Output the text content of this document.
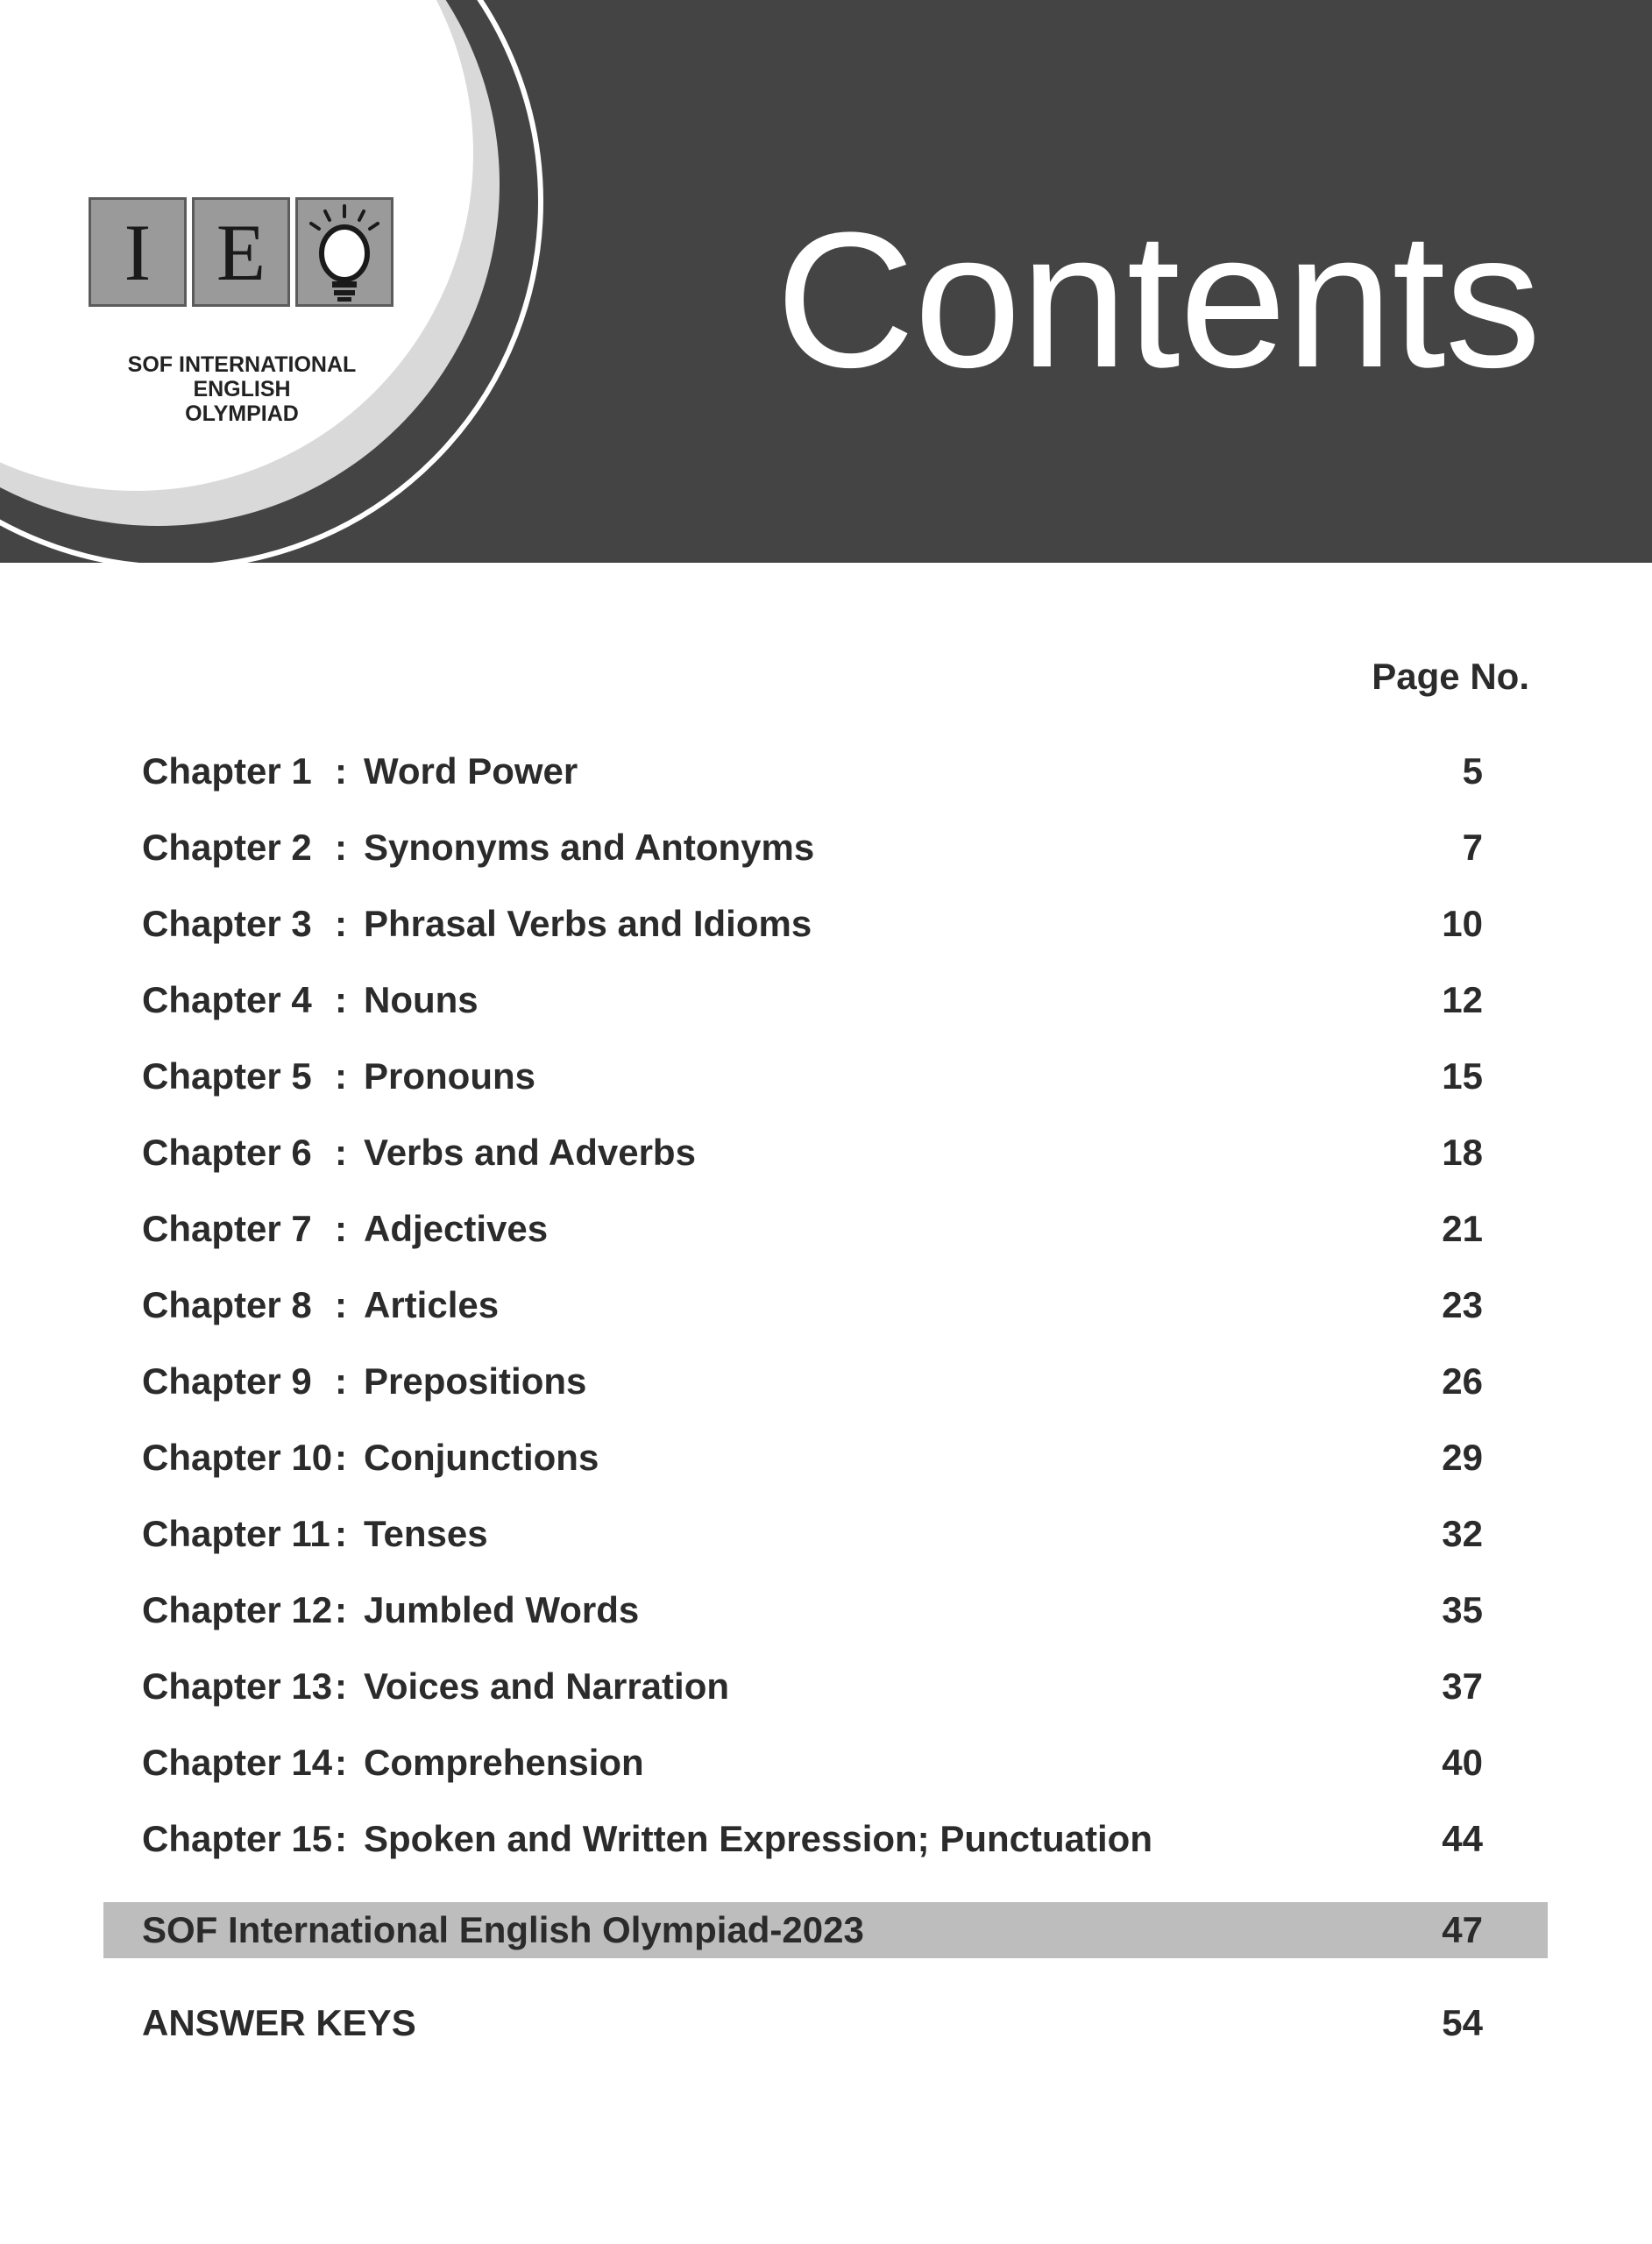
I E
SOF INTERNATIONAL ENGLISH
OLYMPIAD
Contents
Page No.
Chapter 1 : Word Power	5
Chapter 2 : Synonyms and Antonyms	7
Chapter 3 : Phrasal Verbs and Idioms	10
Chapter 4 : Nouns	12
Chapter 5 : Pronouns	15
Chapter 6 : Verbs and Adverbs	18
Chapter 7 : Adjectives	21
Chapter 8 : Articles	23
Chapter 9 : Prepositions	26
Chapter 10 : Conjunctions	29
Chapter 11 : Tenses	32
Chapter 12 : Jumbled Words	35
Chapter 13 : Voices and Narration	37
Chapter 14 : Comprehension	40
Chapter 15 : Spoken and Written Expression; Punctuation	44
SOF International English Olympiad-2023	47
ANSWER KEYS	54
